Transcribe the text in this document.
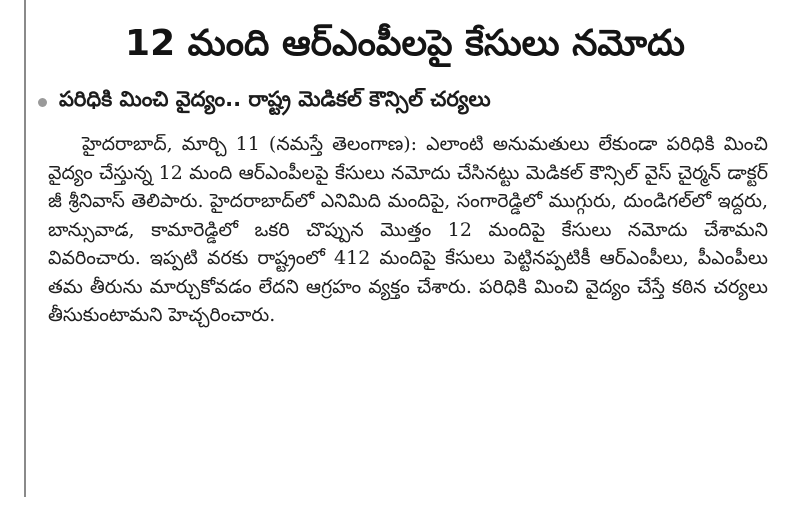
12 మంది ఆర్ఎంపీలపై కేసులు నమోదు
పరిధికి మించి వైద్యం.. రాష్ట్ర మెడికల్ కౌన్సిల్ చర్యలు

హైదరాబాద్, మార్చి 11 (నమస్తే తెలంగాణ): ఎలాంటి అనుమతులు లేకుండా పరిధికి మించి వైద్యం చేస్తున్న 12 మంది ఆర్ఎంపీలపై కేసులు నమోదు చేసినట్టు మెడికల్ కౌన్సిల్ వైస్ చైర్మన్ డాక్టర్ జీ శ్రీనివాస్ తెలిపారు. హైదరాబాద్‌లో ఎనిమిది మందిపై, సంగారెడ్డిలో ముగ్గురు, దుండిగల్‌లో ఇద్దరు, బాన్సువాడ, కామారెడ్డిలో ఒకరి చొప్పున మొత్తం 12 మందిపై కేసులు నమోదు చేశామని వివరించారు. ఇప్పటి వరకు రాష్ట్రంలో 412 మందిపై కేసులు పెట్టినప్పటికీ ఆర్ఎంపీలు, పీఎంపీలు తమ తీరును మార్చుకోవడం లేదని ఆగ్రహం వ్యక్తం చేశారు. పరిధికి మించి వైద్యం చేస్తే కఠిన చర్యలు తీసుకుంటామని హెచ్చరించారు.
